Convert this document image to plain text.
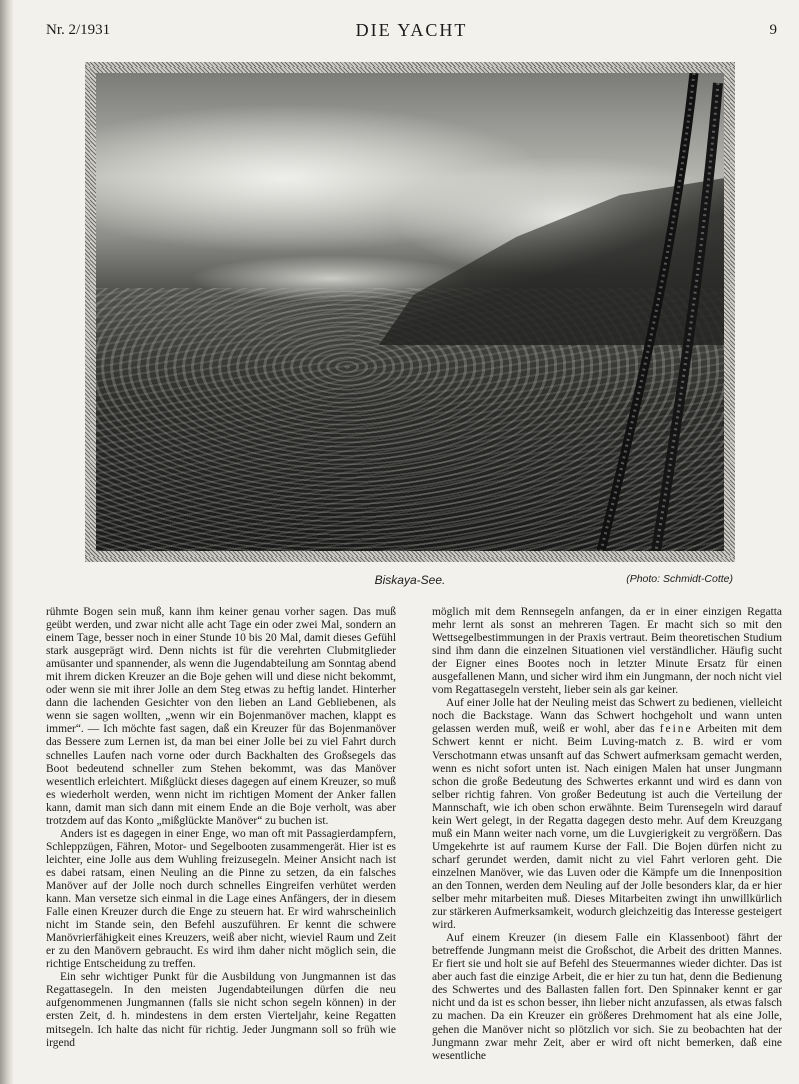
Nr. 2/1931	DIE YACHT	9
Biskaya-See.	(Photo: Schmidt-Cotte)

rühmte Bogen sein muß, kann ihm keiner genau vorher sagen. Das muß geübt werden, und zwar nicht alle acht Tage ein oder zwei Mal, sondern an einem Tage, besser noch in einer Stunde 10 bis 20 Mal, damit dieses Gefühl stark ausgeprägt wird. Denn nichts ist für die verehrten Clubmitglieder amüsanter und spannender, als wenn die Jugendabteilung am Sonntag abend mit ihrem dicken Kreuzer an die Boje gehen will und diese nicht bekommt, oder wenn sie mit ihrer Jolle an dem Steg etwas zu heftig landet. Hinterher dann die lachenden Gesichter von den lieben an Land Gebliebenen, als wenn sie sagen wollten, „wenn wir ein Bojenmanöver machen, klappt es immer“. — Ich möchte fast sagen, daß ein Kreuzer für das Bojenmanöver das Bessere zum Lernen ist, da man bei einer Jolle bei zu viel Fahrt durch schnelles Laufen nach vorne oder durch Backhalten des Großsegels das Boot bedeutend schneller zum Stehen bekommt, was das Manöver wesentlich erleichtert. Mißglückt dieses dagegen auf einem Kreuzer, so muß es wiederholt werden, wenn nicht im richtigen Moment der Anker fallen kann, damit man sich dann mit einem Ende an die Boje verholt, was aber trotzdem auf das Konto „mißglückte Manöver“ zu buchen ist.

Anders ist es dagegen in einer Enge, wo man oft mit Passagierdampfern, Schleppzügen, Fähren, Motor- und Segelbooten zusammengerät. Hier ist es leichter, eine Jolle aus dem Wuhling freizusegeln. Meiner Ansicht nach ist es dabei ratsam, einen Neuling an die Pinne zu setzen, da ein falsches Manöver auf der Jolle noch durch schnelles Eingreifen verhütet werden kann. Man versetze sich einmal in die Lage eines Anfängers, der in diesem Falle einen Kreuzer durch die Enge zu steuern hat. Er wird wahrscheinlich nicht im Stande sein, den Befehl auszuführen. Er kennt die schwere Manövrierfähigkeit eines Kreuzers, weiß aber nicht, wieviel Raum und Zeit er zu den Manövern gebraucht. Es wird ihm daher nicht möglich sein, die richtige Entscheidung zu treffen.

Ein sehr wichtiger Punkt für die Ausbildung von Jungmannen ist das Regattasegeln. In den meisten Jugendabteilungen dürfen die neu aufgenommenen Jungmannen (falls sie nicht schon segeln können) in der ersten Zeit, d. h. mindestens in dem ersten Vierteljahr, keine Regatten mitsegeln. Ich halte das nicht für richtig. Jeder Jungmann soll so früh wie irgend

möglich mit dem Rennsegeln anfangen, da er in einer einzigen Regatta mehr lernt als sonst an mehreren Tagen. Er macht sich so mit den Wettsegelbestimmungen in der Praxis vertraut. Beim theoretischen Studium sind ihm dann die einzelnen Situationen viel verständlicher. Häufig sucht der Eigner eines Bootes noch in letzter Minute Ersatz für einen ausgefallenen Mann, und sicher wird ihm ein Jungmann, der noch nicht viel vom Regattasegeln versteht, lieber sein als gar keiner.

Auf einer Jolle hat der Neuling meist das Schwert zu bedienen, vielleicht noch die Backstage. Wann das Schwert hochgeholt und wann unten gelassen werden muß, weiß er wohl, aber das feine Arbeiten mit dem Schwert kennt er nicht. Beim Luving-match z. B. wird er vom Verschotmann etwas unsanft auf das Schwert aufmerksam gemacht werden, wenn es nicht sofort unten ist. Nach einigen Malen hat unser Jungmann schon die große Bedeutung des Schwertes erkannt und wird es dann von selber richtig fahren. Von großer Bedeutung ist auch die Verteilung der Mannschaft, wie ich oben schon erwähnte. Beim Turensegeln wird darauf kein Wert gelegt, in der Regatta dagegen desto mehr. Auf dem Kreuzgang muß ein Mann weiter nach vorne, um die Luvgierigkeit zu vergrößern. Das Umgekehrte ist auf raumem Kurse der Fall. Die Bojen dürfen nicht zu scharf gerundet werden, damit nicht zu viel Fahrt verloren geht. Die einzelnen Manöver, wie das Luven oder die Kämpfe um die Innenposition an den Tonnen, werden dem Neuling auf der Jolle besonders klar, da er hier selber mehr mitarbeiten muß. Dieses Mitarbeiten zwingt ihn unwillkürlich zur stärkeren Aufmerksamkeit, wodurch gleichzeitig das Interesse gesteigert wird.

Auf einem Kreuzer (in diesem Falle ein Klassenboot) fährt der betreffende Jungmann meist die Großschot, die Arbeit des dritten Mannes. Er fiert sie und holt sie auf Befehl des Steuermannes wieder dichter. Das ist aber auch fast die einzige Arbeit, die er hier zu tun hat, denn die Bedienung des Schwertes und des Ballasten fallen fort. Den Spinnaker kennt er gar nicht und da ist es schon besser, ihn lieber nicht anzufassen, als etwas falsch zu machen. Da ein Kreuzer ein größeres Drehmoment hat als eine Jolle, gehen die Manöver nicht so plötzlich vor sich. Sie zu beobachten hat der Jungmann zwar mehr Zeit, aber er wird oft nicht bemerken, daß eine wesentliche
